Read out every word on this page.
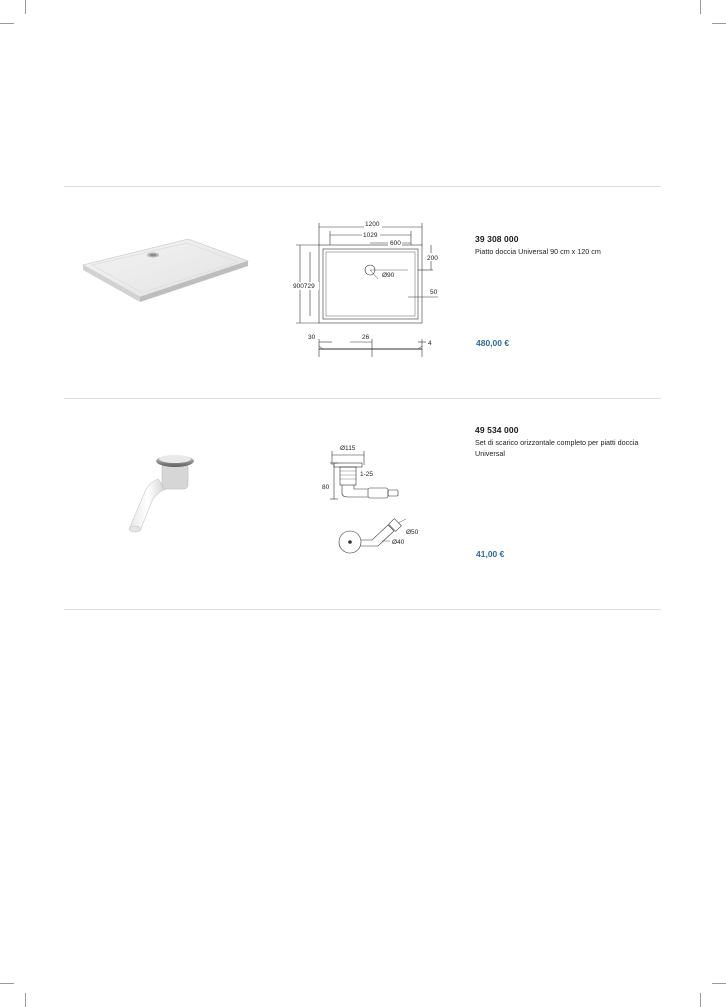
1200
1029
600
200
Ø90
900729
50
30	26
4
39 308 000
Piatto doccia Universal 90 cm x 120 cm
480,00 €
Ø115
1-25
80
Ø50
Ø40
49 534 000
Set di scarico orizzontale completo per piatti doccia Universal
41,00 €
